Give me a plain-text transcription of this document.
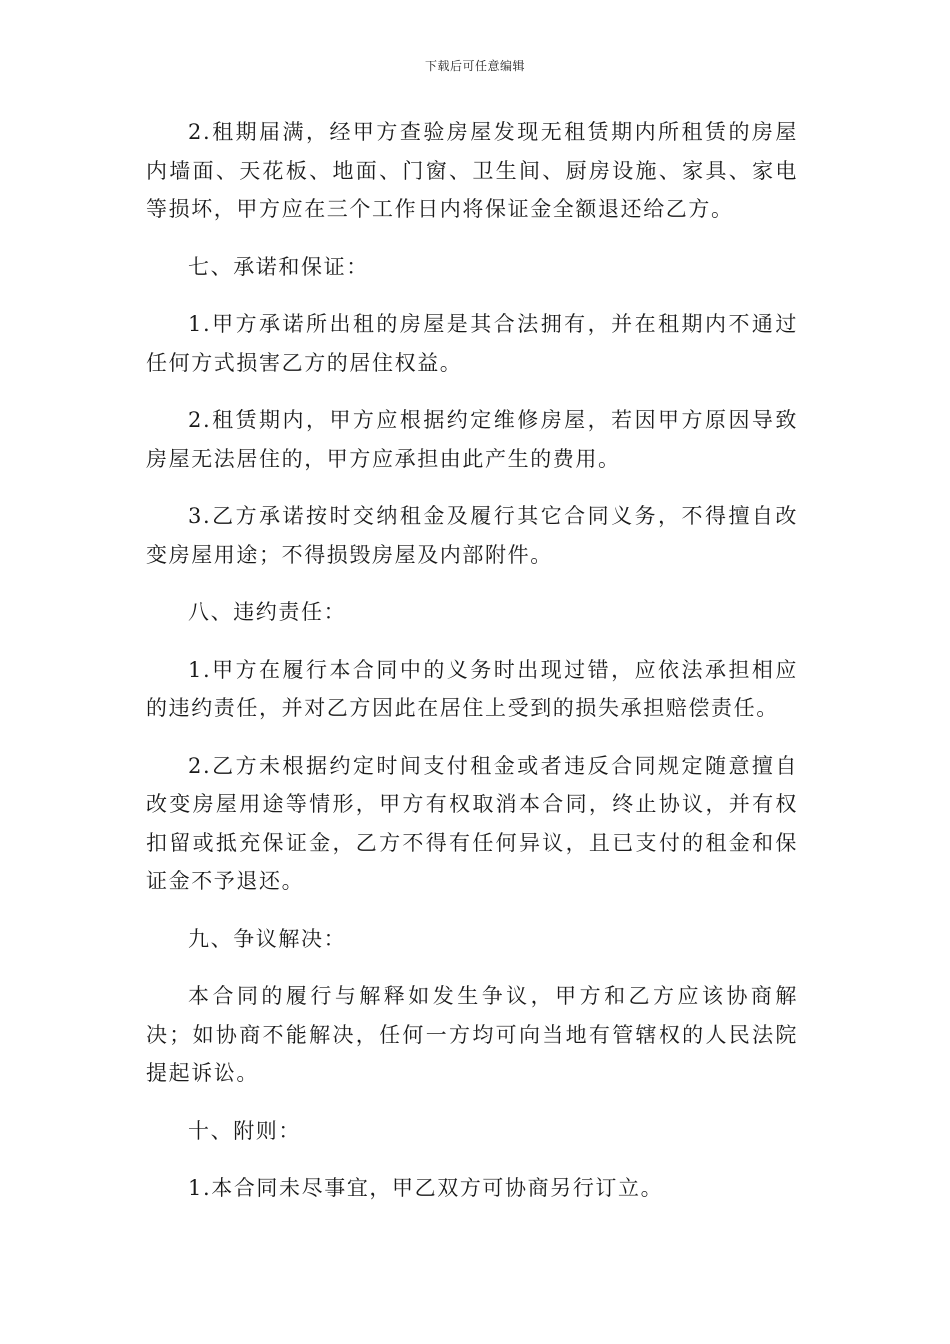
下载后可任意编辑

2.租期届满，经甲方查验房屋发现无租赁期内所租赁的房屋内墙面、天花板、地面、门窗、卫生间、厨房设施、家具、家电等损坏，甲方应在三个工作日内将保证金全额退还给乙方。

七、承诺和保证：

1.甲方承诺所出租的房屋是其合法拥有，并在租期内不通过任何方式损害乙方的居住权益。

2.租赁期内，甲方应根据约定维修房屋，若因甲方原因导致房屋无法居住的，甲方应承担由此产生的费用。

3.乙方承诺按时交纳租金及履行其它合同义务，不得擅自改变房屋用途；不得损毁房屋及内部附件。

八、违约责任：

1.甲方在履行本合同中的义务时出现过错，应依法承担相应的违约责任，并对乙方因此在居住上受到的损失承担赔偿责任。

2.乙方未根据约定时间支付租金或者违反合同规定随意擅自改变房屋用途等情形，甲方有权取消本合同，终止协议，并有权扣留或抵充保证金，乙方不得有任何异议，且已支付的租金和保证金不予退还。

九、争议解决：

本合同的履行与解释如发生争议，甲方和乙方应该协商解决；如协商不能解决，任何一方均可向当地有管辖权的人民法院提起诉讼。

十、附则：

1.本合同未尽事宜，甲乙双方可协商另行订立。
